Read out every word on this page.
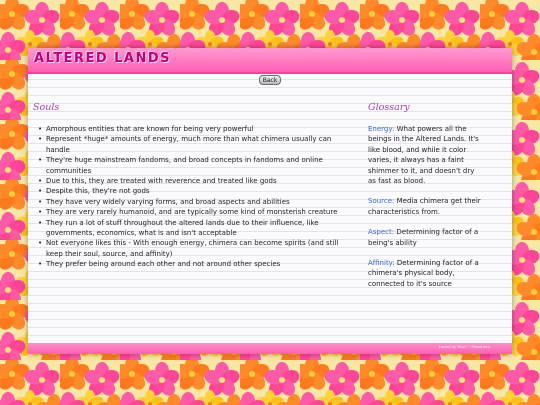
ALTERED LANDS
Back
Souls
• Amorphous entities that are known for being very powerful
• Represent *huge* amounts of energy, much more than what chimera usually can handle
• They're huge mainstream fandoms, and broad concepts in fandoms and online communities
• Due to this, they are treated with reverence and treated like gods
• Despite this, they're not gods
• They have very widely varying forms, and broad aspects and abilities
• They are very rarely humanoid, and are typically some kind of monsterish creature
• They run a lot of stuff throughout the altered lands due to their influence, like governments, economics, what is and isn't acceptable
• Not everyone likes this - With enough energy, chimera can become spirits (and still keep their soul, source, and affinity)
• They prefer being around each other and not around other species
Glossary

Energy: What powers all the beings in the Altered Lands. It's like blood, and while it color varies, it always has a faint shimmer to it, and doesn't dry as fast as blood.

Source: Media chimera get their characteristics from.

Aspect: Determining factor of a being's ability

Affinity: Determining factor of a chimera's physical body, connected to it's source

Layout by Wuzi ♡ Tripod pics
